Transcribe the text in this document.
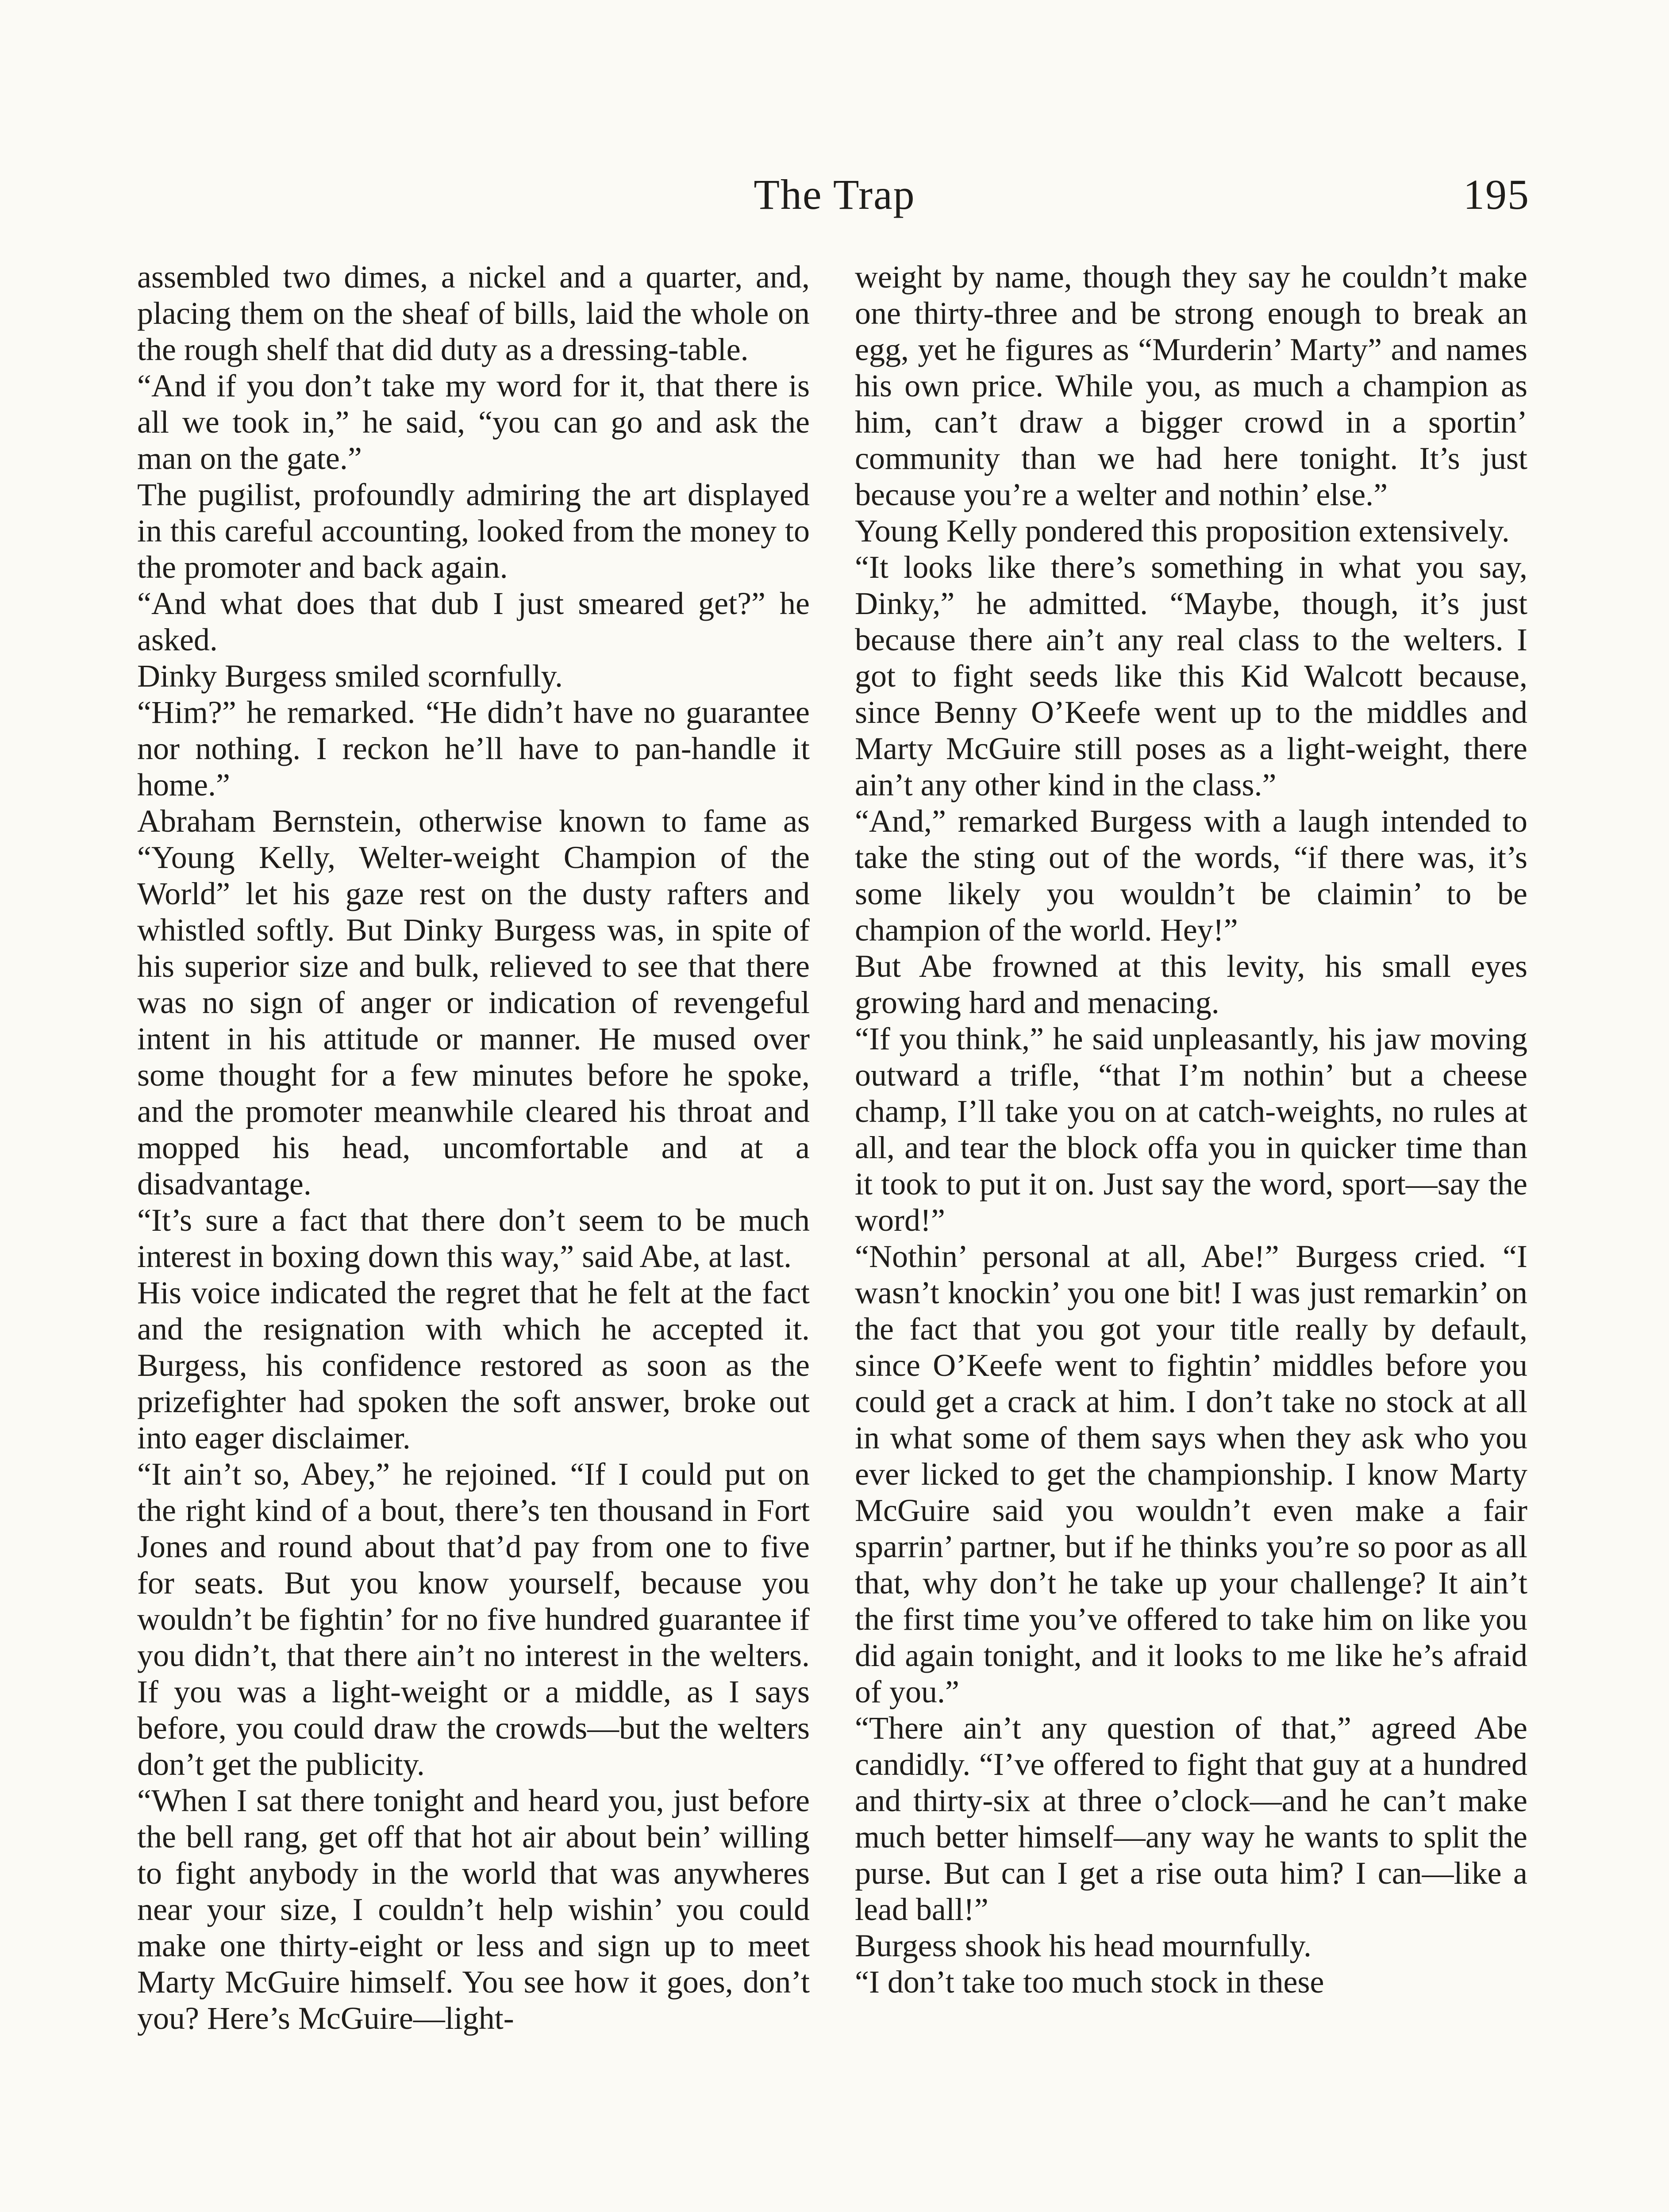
The Trap	195

assembled two dimes, a nickel and a quarter, and, placing them on the sheaf of bills, laid the whole on the rough shelf that did duty as a dressing-table.

“And if you don’t take my word for it, that there is all we took in,” he said, “you can go and ask the man on the gate.”

The pugilist, profoundly admiring the art displayed in this careful accounting, looked from the money to the promoter and back again.

“And what does that dub I just smeared get?” he asked.

Dinky Burgess smiled scornfully.

“Him?” he remarked. “He didn’t have no guarantee nor nothing. I reckon he’ll have to pan-handle it home.”

Abraham Bernstein, otherwise known to fame as “Young Kelly, Welter-weight Champion of the World” let his gaze rest on the dusty rafters and whistled softly. But Dinky Burgess was, in spite of his superior size and bulk, relieved to see that there was no sign of anger or indication of revengeful intent in his attitude or manner. He mused over some thought for a few minutes before he spoke, and the promoter meanwhile cleared his throat and mopped his head, uncomfortable and at a disadvantage.

“It’s sure a fact that there don’t seem to be much interest in boxing down this way,” said Abe, at last.

His voice indicated the regret that he felt at the fact and the resignation with which he accepted it. Burgess, his confidence restored as soon as the prizefighter had spoken the soft answer, broke out into eager disclaimer.

“It ain’t so, Abey,” he rejoined. “If I could put on the right kind of a bout, there’s ten thousand in Fort Jones and round about that’d pay from one to five for seats. But you know yourself, because you wouldn’t be fightin’ for no five hundred guarantee if you didn’t, that there ain’t no interest in the welters. If you was a light-weight or a middle, as I says before, you could draw the crowds—but the welters don’t get the publicity.

“When I sat there tonight and heard you, just before the bell rang, get off that hot air about bein’ willing to fight anybody in the world that was anywheres near your size, I couldn’t help wishin’ you could make one thirty-eight or less and sign up to meet Marty McGuire himself. You see how it goes, don’t you? Here’s McGuire—light-

weight by name, though they say he couldn’t make one thirty-three and be strong enough to break an egg, yet he figures as “Murderin’ Marty” and names his own price. While you, as much a champion as him, can’t draw a bigger crowd in a sportin’ community than we had here tonight. It’s just because you’re a welter and nothin’ else.”

Young Kelly pondered this proposition extensively.

“It looks like there’s something in what you say, Dinky,” he admitted. “Maybe, though, it’s just because there ain’t any real class to the welters. I got to fight seeds like this Kid Walcott because, since Benny O’Keefe went up to the middles and Marty McGuire still poses as a light-weight, there ain’t any other kind in the class.”

“And,” remarked Burgess with a laugh intended to take the sting out of the words, “if there was, it’s some likely you wouldn’t be claimin’ to be champion of the world. Hey!”

But Abe frowned at this levity, his small eyes growing hard and menacing.

“If you think,” he said unpleasantly, his jaw moving outward a trifle, “that I’m nothin’ but a cheese champ, I’ll take you on at catch-weights, no rules at all, and tear the block offa you in quicker time than it took to put it on. Just say the word, sport—say the word!”

“Nothin’ personal at all, Abe!” Burgess cried. “I wasn’t knockin’ you one bit! I was just remarkin’ on the fact that you got your title really by default, since O’Keefe went to fightin’ middles before you could get a crack at him. I don’t take no stock at all in what some of them says when they ask who you ever licked to get the championship. I know Marty McGuire said you wouldn’t even make a fair sparrin’ partner, but if he thinks you’re so poor as all that, why don’t he take up your challenge? It ain’t the first time you’ve offered to take him on like you did again tonight, and it looks to me like he’s afraid of you.”

“There ain’t any question of that,” agreed Abe candidly. “I’ve offered to fight that guy at a hundred and thirty-six at three o’clock—and he can’t make much better himself—any way he wants to split the purse. But can I get a rise outa him? I can—like a lead ball!”

Burgess shook his head mournfully.

“I don’t take too much stock in these
